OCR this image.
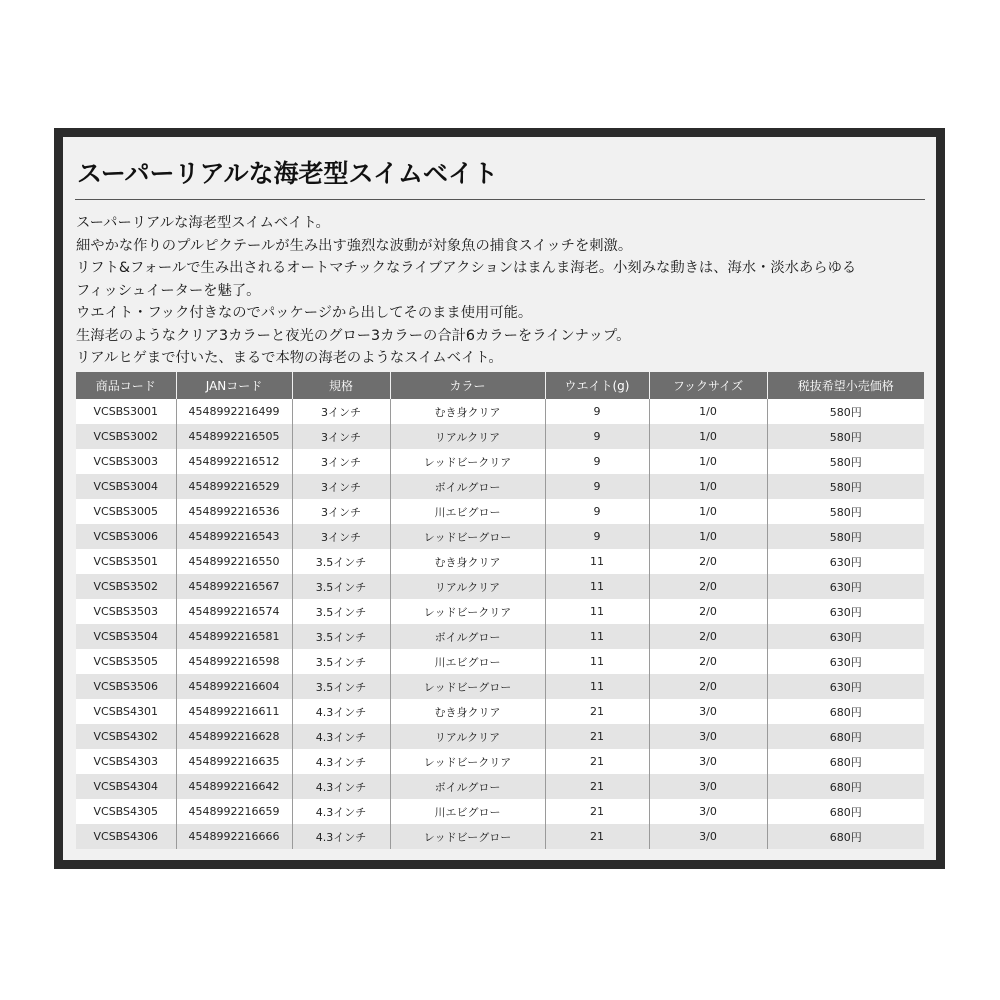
スーパーリアルな海老型スイムベイト

スーパーリアルな海老型スイムベイト。

細やかな作りのプルピクテールが生み出す強烈な波動が対象魚の捕食スイッチを刺激。

リフト&フォールで生み出されるオートマチックなライブアクションはまんま海老。小刻みな動きは、海水・淡水あらゆる

フィッシュイーターを魅了。

ウエイト・フック付きなのでパッケージから出してそのまま使用可能。

生海老のようなクリア3カラーと夜光のグロー3カラーの合計6カラーをラインナップ。

リアルヒゲまで付いた、まるで本物の海老のようなスイムベイト。

商品コード	JANコード	規格	カラー	ウエイト(g)	フックサイズ	税抜希望小売価格
VCSBS3001	4548992216499	3インチ	むき身クリア	9	1/0	580円
VCSBS3002	4548992216505	3インチ	リアルクリア	9	1/0	580円
VCSBS3003	4548992216512	3インチ	レッドビークリア	9	1/0	580円
VCSBS3004	4548992216529	3インチ	ボイルグロー	9	1/0	580円
VCSBS3005	4548992216536	3インチ	川エビグロー	9	1/0	580円
VCSBS3006	4548992216543	3インチ	レッドビーグロー	9	1/0	580円
VCSBS3501	4548992216550	3.5インチ	むき身クリア	11	2/0	630円
VCSBS3502	4548992216567	3.5インチ	リアルクリア	11	2/0	630円
VCSBS3503	4548992216574	3.5インチ	レッドビークリア	11	2/0	630円
VCSBS3504	4548992216581	3.5インチ	ボイルグロー	11	2/0	630円
VCSBS3505	4548992216598	3.5インチ	川エビグロー	11	2/0	630円
VCSBS3506	4548992216604	3.5インチ	レッドビーグロー	11	2/0	630円
VCSBS4301	4548992216611	4.3インチ	むき身クリア	21	3/0	680円
VCSBS4302	4548992216628	4.3インチ	リアルクリア	21	3/0	680円
VCSBS4303	4548992216635	4.3インチ	レッドビークリア	21	3/0	680円
VCSBS4304	4548992216642	4.3インチ	ボイルグロー	21	3/0	680円
VCSBS4305	4548992216659	4.3インチ	川エビグロー	21	3/0	680円
VCSBS4306	4548992216666	4.3インチ	レッドビーグロー	21	3/0	680円
